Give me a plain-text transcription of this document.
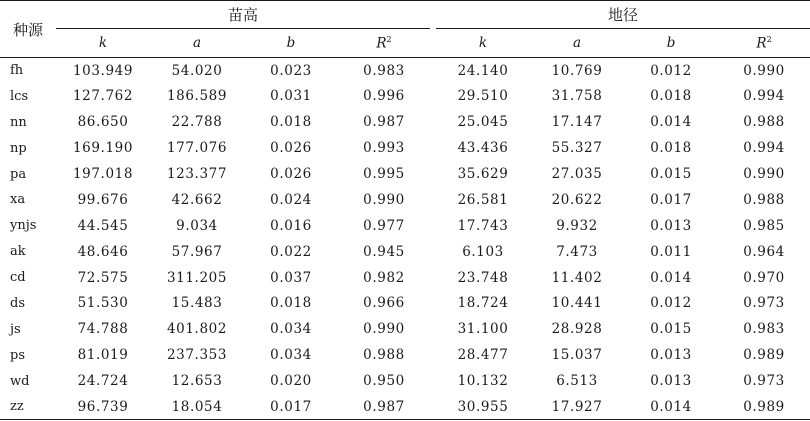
种源	苗高					地径			
	k	a	b	$R^2$		k	a	b	$R^2$
fh	103.949	54.020	0.023	0.983		24.140	10.769	0.012	0.990
lcs	127.762	186.589	0.031	0.996		29.510	31.758	0.018	0.994
nn	86.650	22.788	0.018	0.987		25.045	17.147	0.014	0.988
np	169.190	177.076	0.026	0.993		43.436	55.327	0.018	0.994
pa	197.018	123.377	0.026	0.995		35.629	27.035	0.015	0.990
xa	99.676	42.662	0.024	0.990		26.581	20.622	0.017	0.988
ynjs	44.545	9.034	0.016	0.977		17.743	9.932	0.013	0.985
ak	48.646	57.967	0.022	0.945		6.103	7.473	0.011	0.964
cd	72.575	311.205	0.037	0.982		23.748	11.402	0.014	0.970
ds	51.530	15.483	0.018	0.966		18.724	10.441	0.012	0.973
js	74.788	401.802	0.034	0.990		31.100	28.928	0.015	0.983
ps	81.019	237.353	0.034	0.988		28.477	15.037	0.013	0.989
wd	24.724	12.653	0.020	0.950		10.132	6.513	0.013	0.973
zz	96.739	18.054	0.017	0.987		30.955	17.927	0.014	0.989
